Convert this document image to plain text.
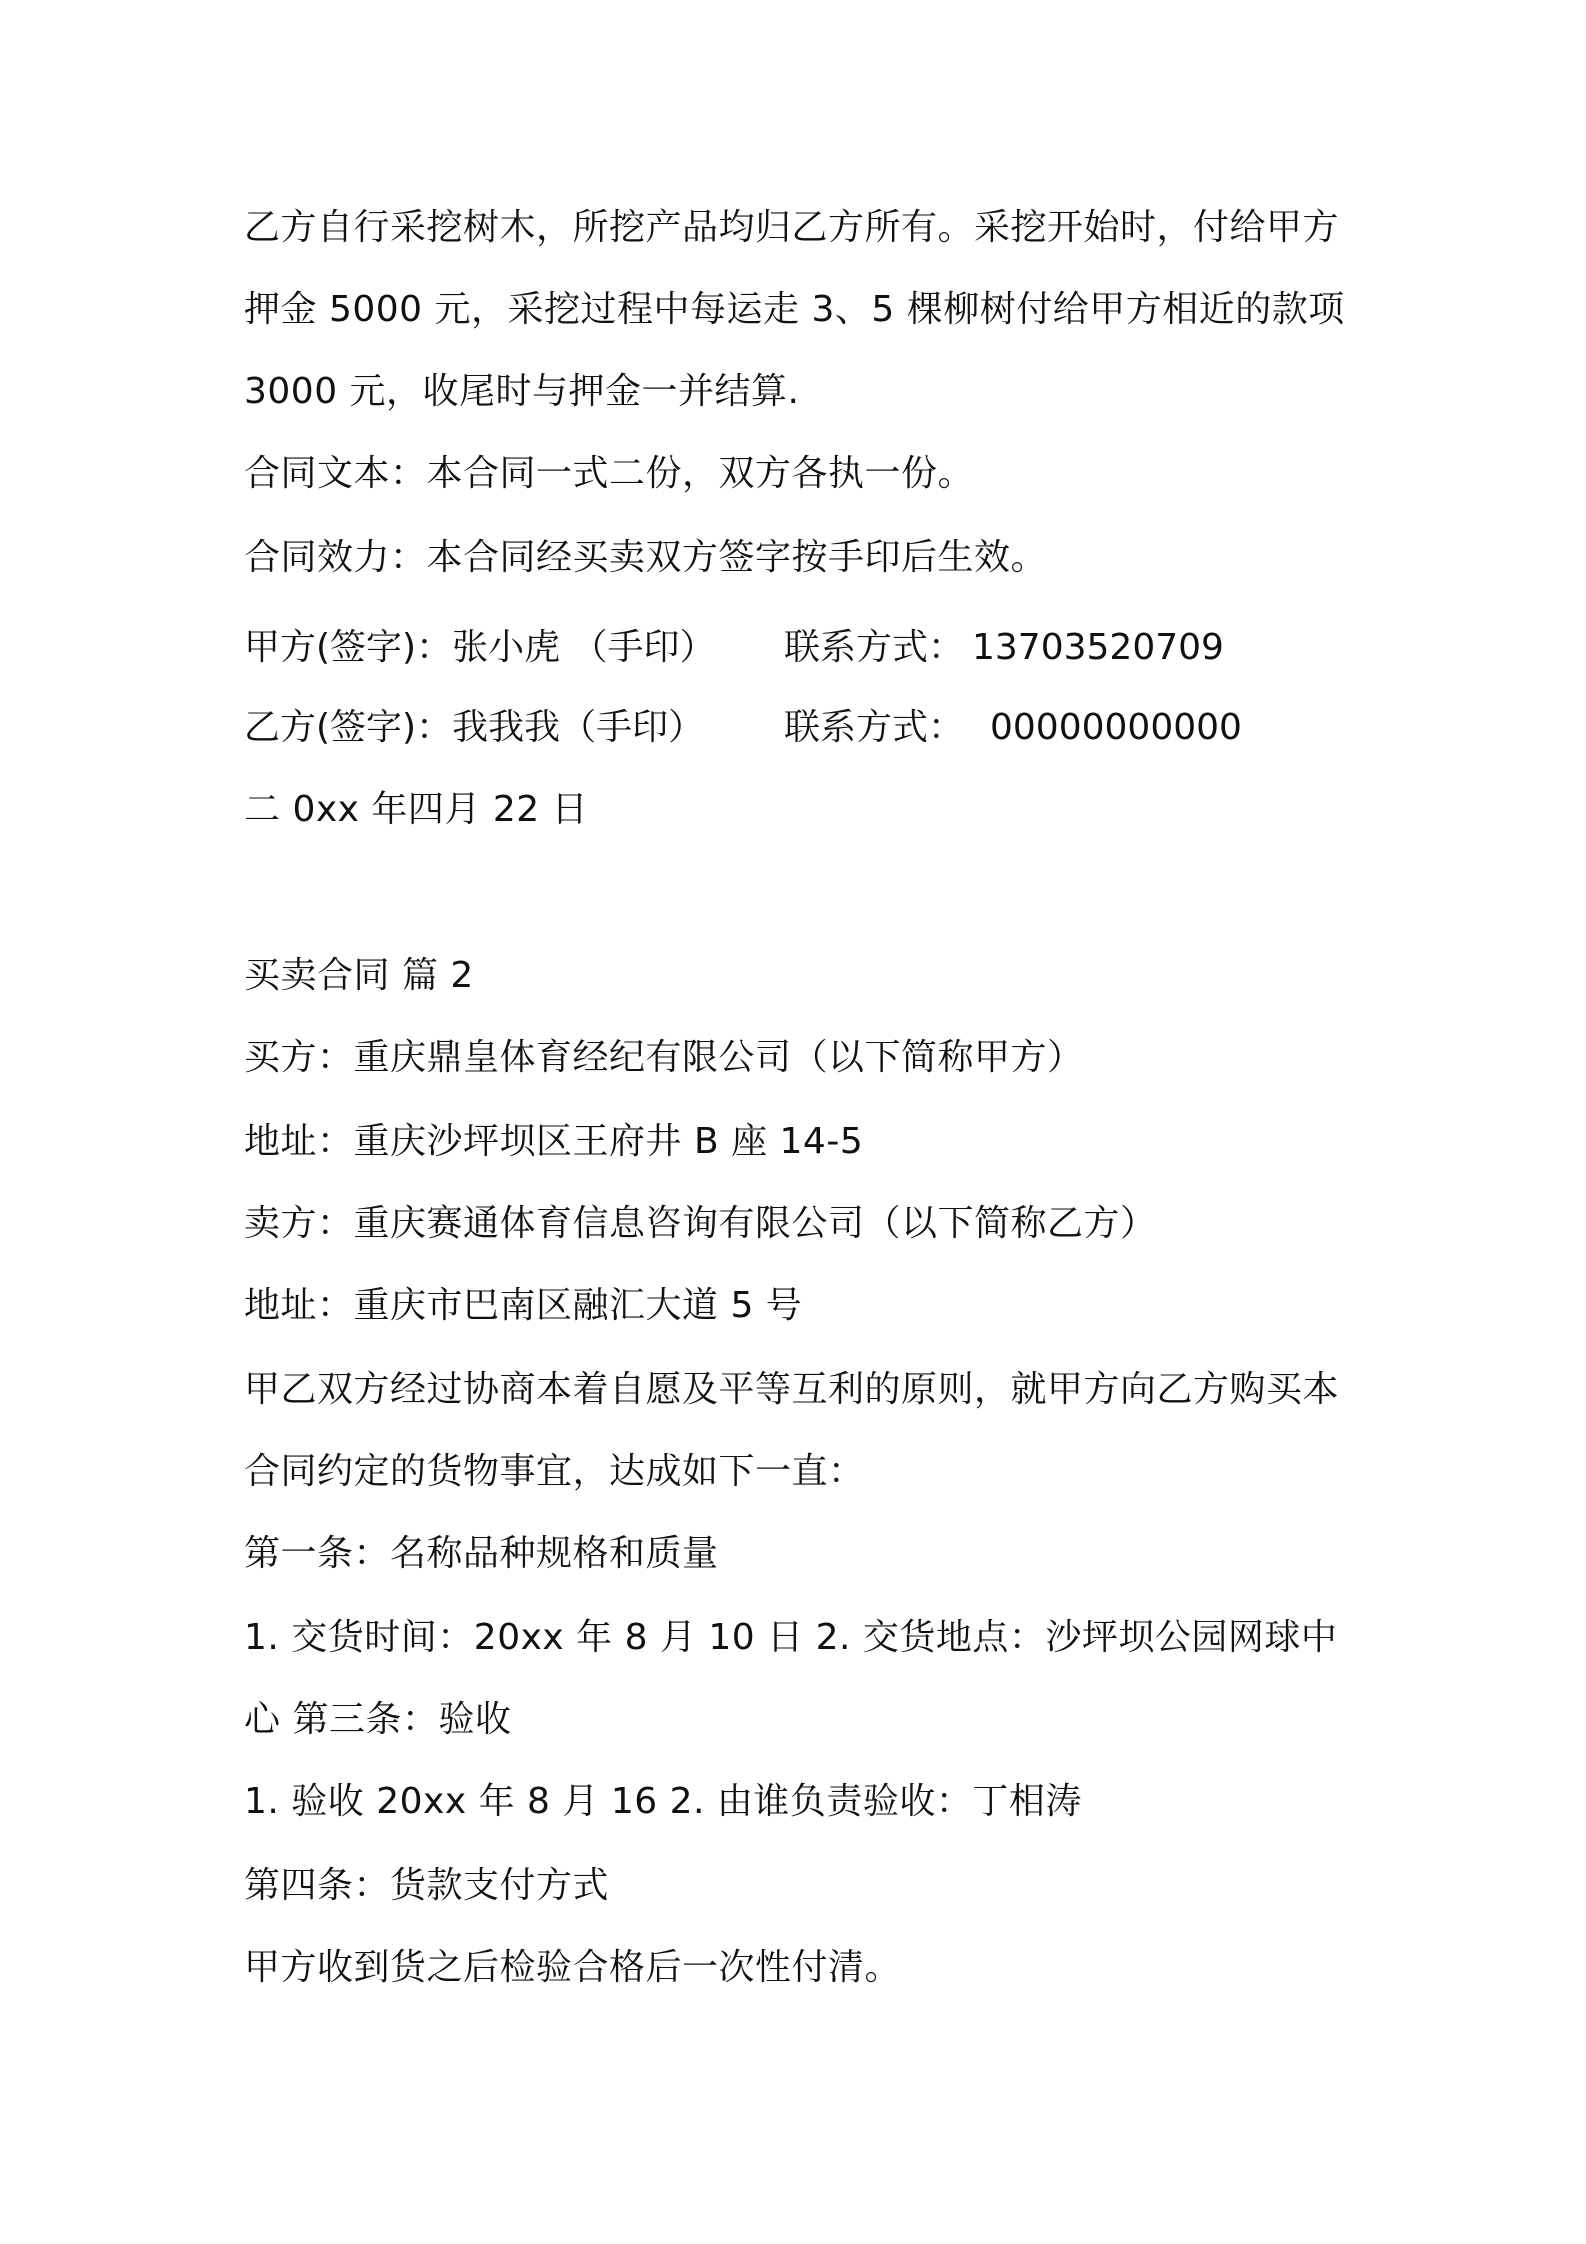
乙方自行采挖树木，所挖产品均归乙方所有。采挖开始时，付给甲方
押金 5000 元，采挖过程中每运走 3、5 棵柳树付给甲方相近的款项
3000 元，收尾时与押金一并结算.
合同文本：本合同一式二份，双方各执一份。
合同效力：本合同经买卖双方签字按手印后生效。

甲方(签字)：张小虎 （手印）

联系方式：

13703520709

乙方(签字)：我我我（手印）

联系方式：

00000000000

二 0xx 年四月 22 日
买卖合同 篇 2
买方：重庆鼎皇体育经纪有限公司（以下简称甲方）
地址：重庆沙坪坝区王府井 B 座 14-5
卖方：重庆赛通体育信息咨询有限公司（以下简称乙方）
地址：重庆市巴南区融汇大道 5 号
甲乙双方经过协商本着自愿及平等互利的原则，就甲方向乙方购买本
合同约定的货物事宜，达成如下一直：
第一条：名称品种规格和质量
1. 交货时间：20xx 年 8 月 10 日 2. 交货地点：沙坪坝公园网球中
心 第三条：验收
1. 验收 20xx 年 8 月 16 2. 由谁负责验收：丁相涛
第四条：货款支付方式
甲方收到货之后检验合格后一次性付清。
